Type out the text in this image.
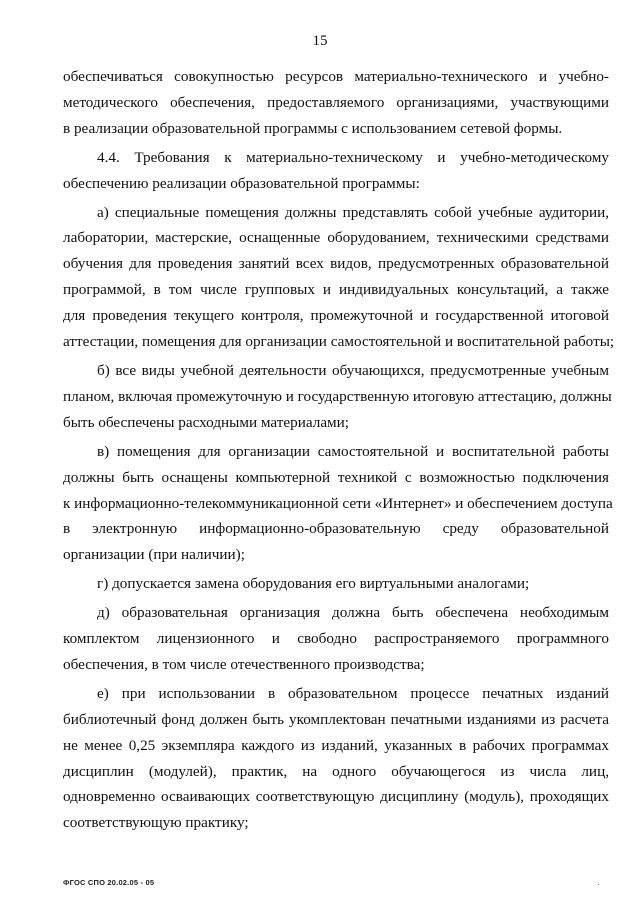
15
обеспечиваться совокупностью ресурсов материально-технического и учебно-
методического обеспечения, предоставляемого организациями, участвующими
в реализации образовательной программы с использованием сетевой формы.
4.4. Требования к материально-техническому и учебно-методическому
обеспечению реализации образовательной программы:
а) специальные помещения должны представлять собой учебные аудитории,
лаборатории, мастерские, оснащенные оборудованием, техническими средствами
обучения для проведения занятий всех видов, предусмотренных образовательной
программой, в том числе групповых и индивидуальных консультаций, а также
для проведения текущего контроля, промежуточной и государственной итоговой
аттестации, помещения для организации самостоятельной и воспитательной работы;
б) все виды учебной деятельности обучающихся, предусмотренные учебным
планом, включая промежуточную и государственную итоговую аттестацию, должны
быть обеспечены расходными материалами;
в) помещения для организации самостоятельной и воспитательной работы
должны быть оснащены компьютерной техникой с возможностью подключения
к информационно-телекоммуникационной сети «Интернет» и обеспечением доступа
в электронную информационно-образовательную среду образовательной
организации (при наличии);
г) допускается замена оборудования его виртуальными аналогами;
д) образовательная организация должна быть обеспечена необходимым
комплектом лицензионного и свободно распространяемого программного
обеспечения, в том числе отечественного производства;
е) при использовании в образовательном процессе печатных изданий
библиотечный фонд должен быть укомплектован печатными изданиями из расчета
не менее 0,25 экземпляра каждого из изданий, указанных в рабочих программах
дисциплин (модулей), практик, на одного обучающегося из числа лиц,
одновременно осваивающих соответствующую дисциплину (модуль), проходящих
соответствующую практику;
ФГОС СПО 20.02.05 - 05
